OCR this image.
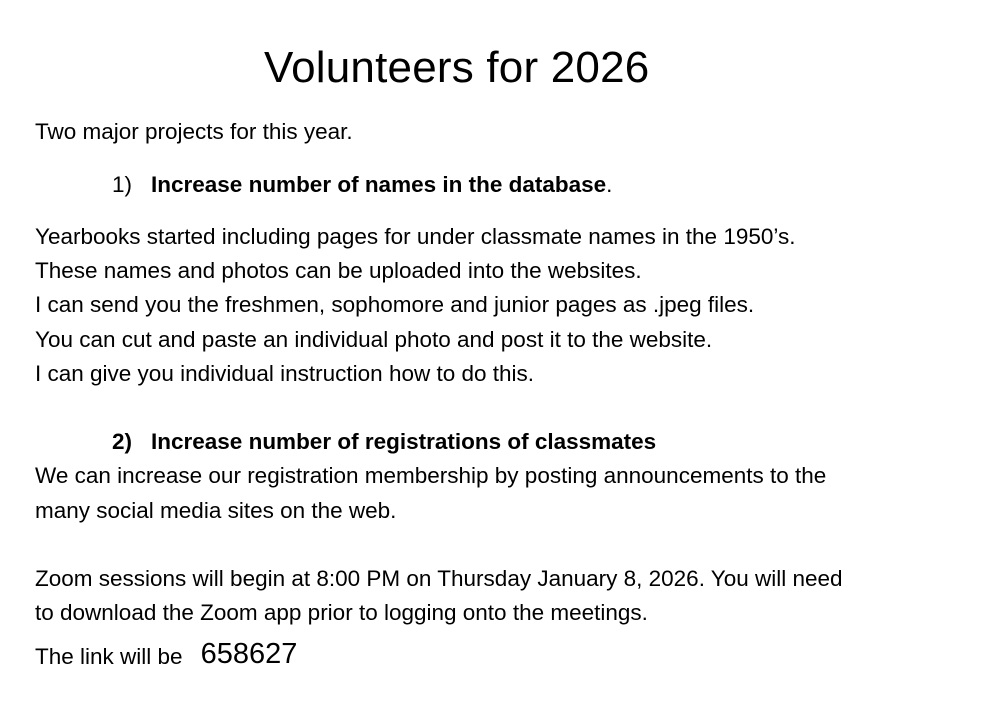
Volunteers for 2026
Two major projects for this year.
1) Increase number of names in the database.
Yearbooks started including pages for under classmate names in the 1950’s.
These names and photos can be uploaded into the websites.
I can send you the freshmen, sophomore and junior pages as .jpeg files.
You can cut and paste an individual photo and post it to the website.
I can give you individual instruction how to do this.
2) Increase number of registrations of classmates
We can increase our registration membership by posting announcements to the
many social media sites on the web.
Zoom sessions will begin at 8:00 PM on Thursday January 8, 2026. You will need
to download the Zoom app prior to logging onto the meetings.
The link will be 658627
